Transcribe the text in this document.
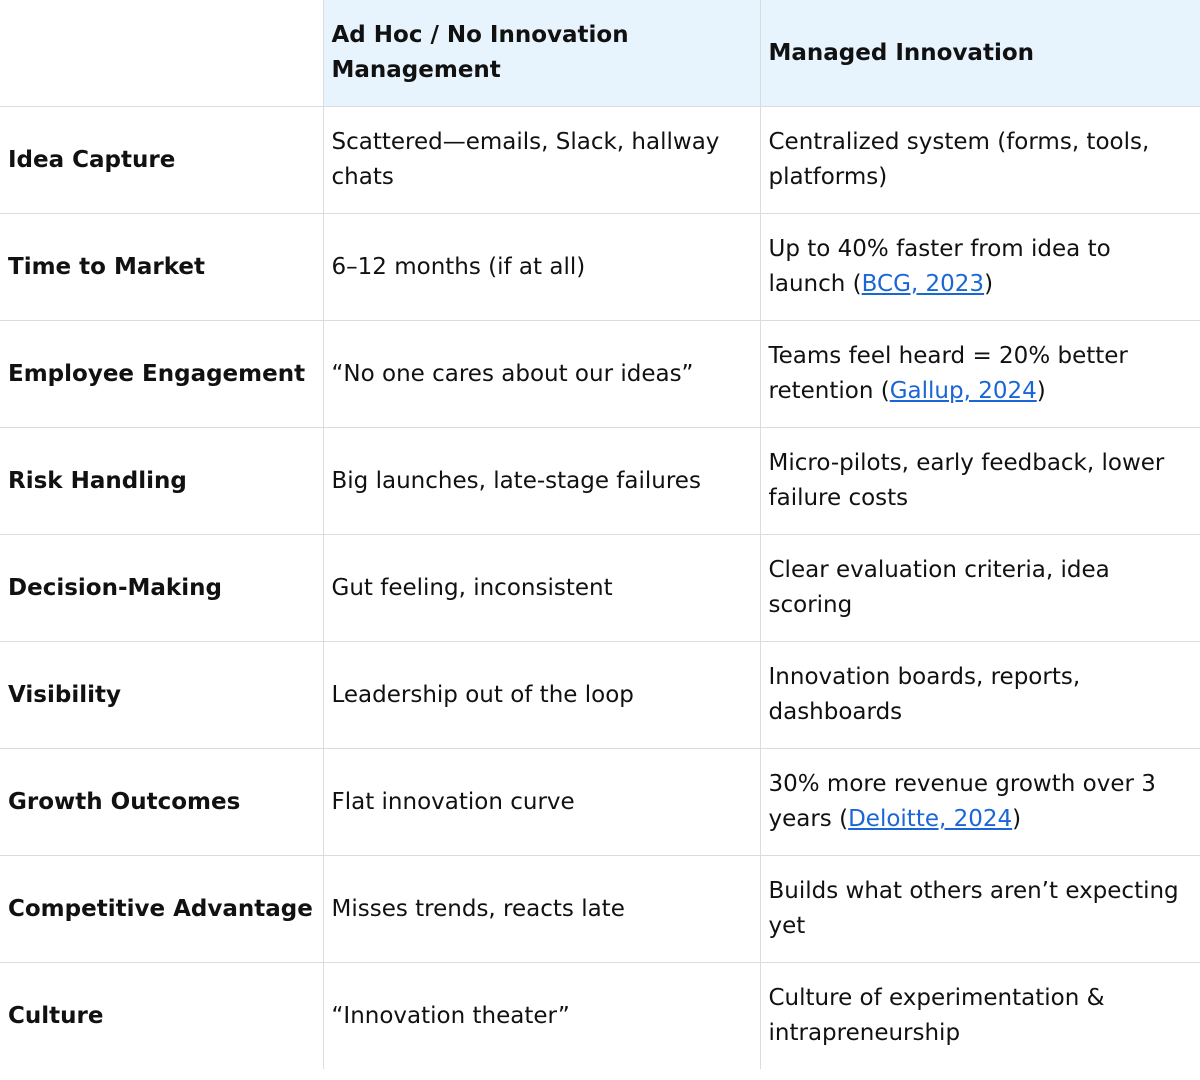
	Ad Hoc / No Innovation Management	Managed Innovation
Idea Capture	Scattered—emails, Slack, hallway chats	Centralized system (forms, tools, platforms)
Time to Market	6–12 months (if at all)	Up to 40% faster from idea to launch (BCG, 2023)
Employee Engagement	“No one cares about our ideas”	Teams feel heard = 20% better retention (Gallup, 2024)
Risk Handling	Big launches, late-stage failures	Micro-pilots, early feedback, lower failure costs
Decision-Making	Gut feeling, inconsistent	Clear evaluation criteria, idea scoring
Visibility	Leadership out of the loop	Innovation boards, reports, dashboards
Growth Outcomes	Flat innovation curve	30% more revenue growth over 3 years (Deloitte, 2024)
Competitive Advantage	Misses trends, reacts late	Builds what others aren’t expecting yet
Culture	“Innovation theater”	Culture of experimentation & intrapreneurship
